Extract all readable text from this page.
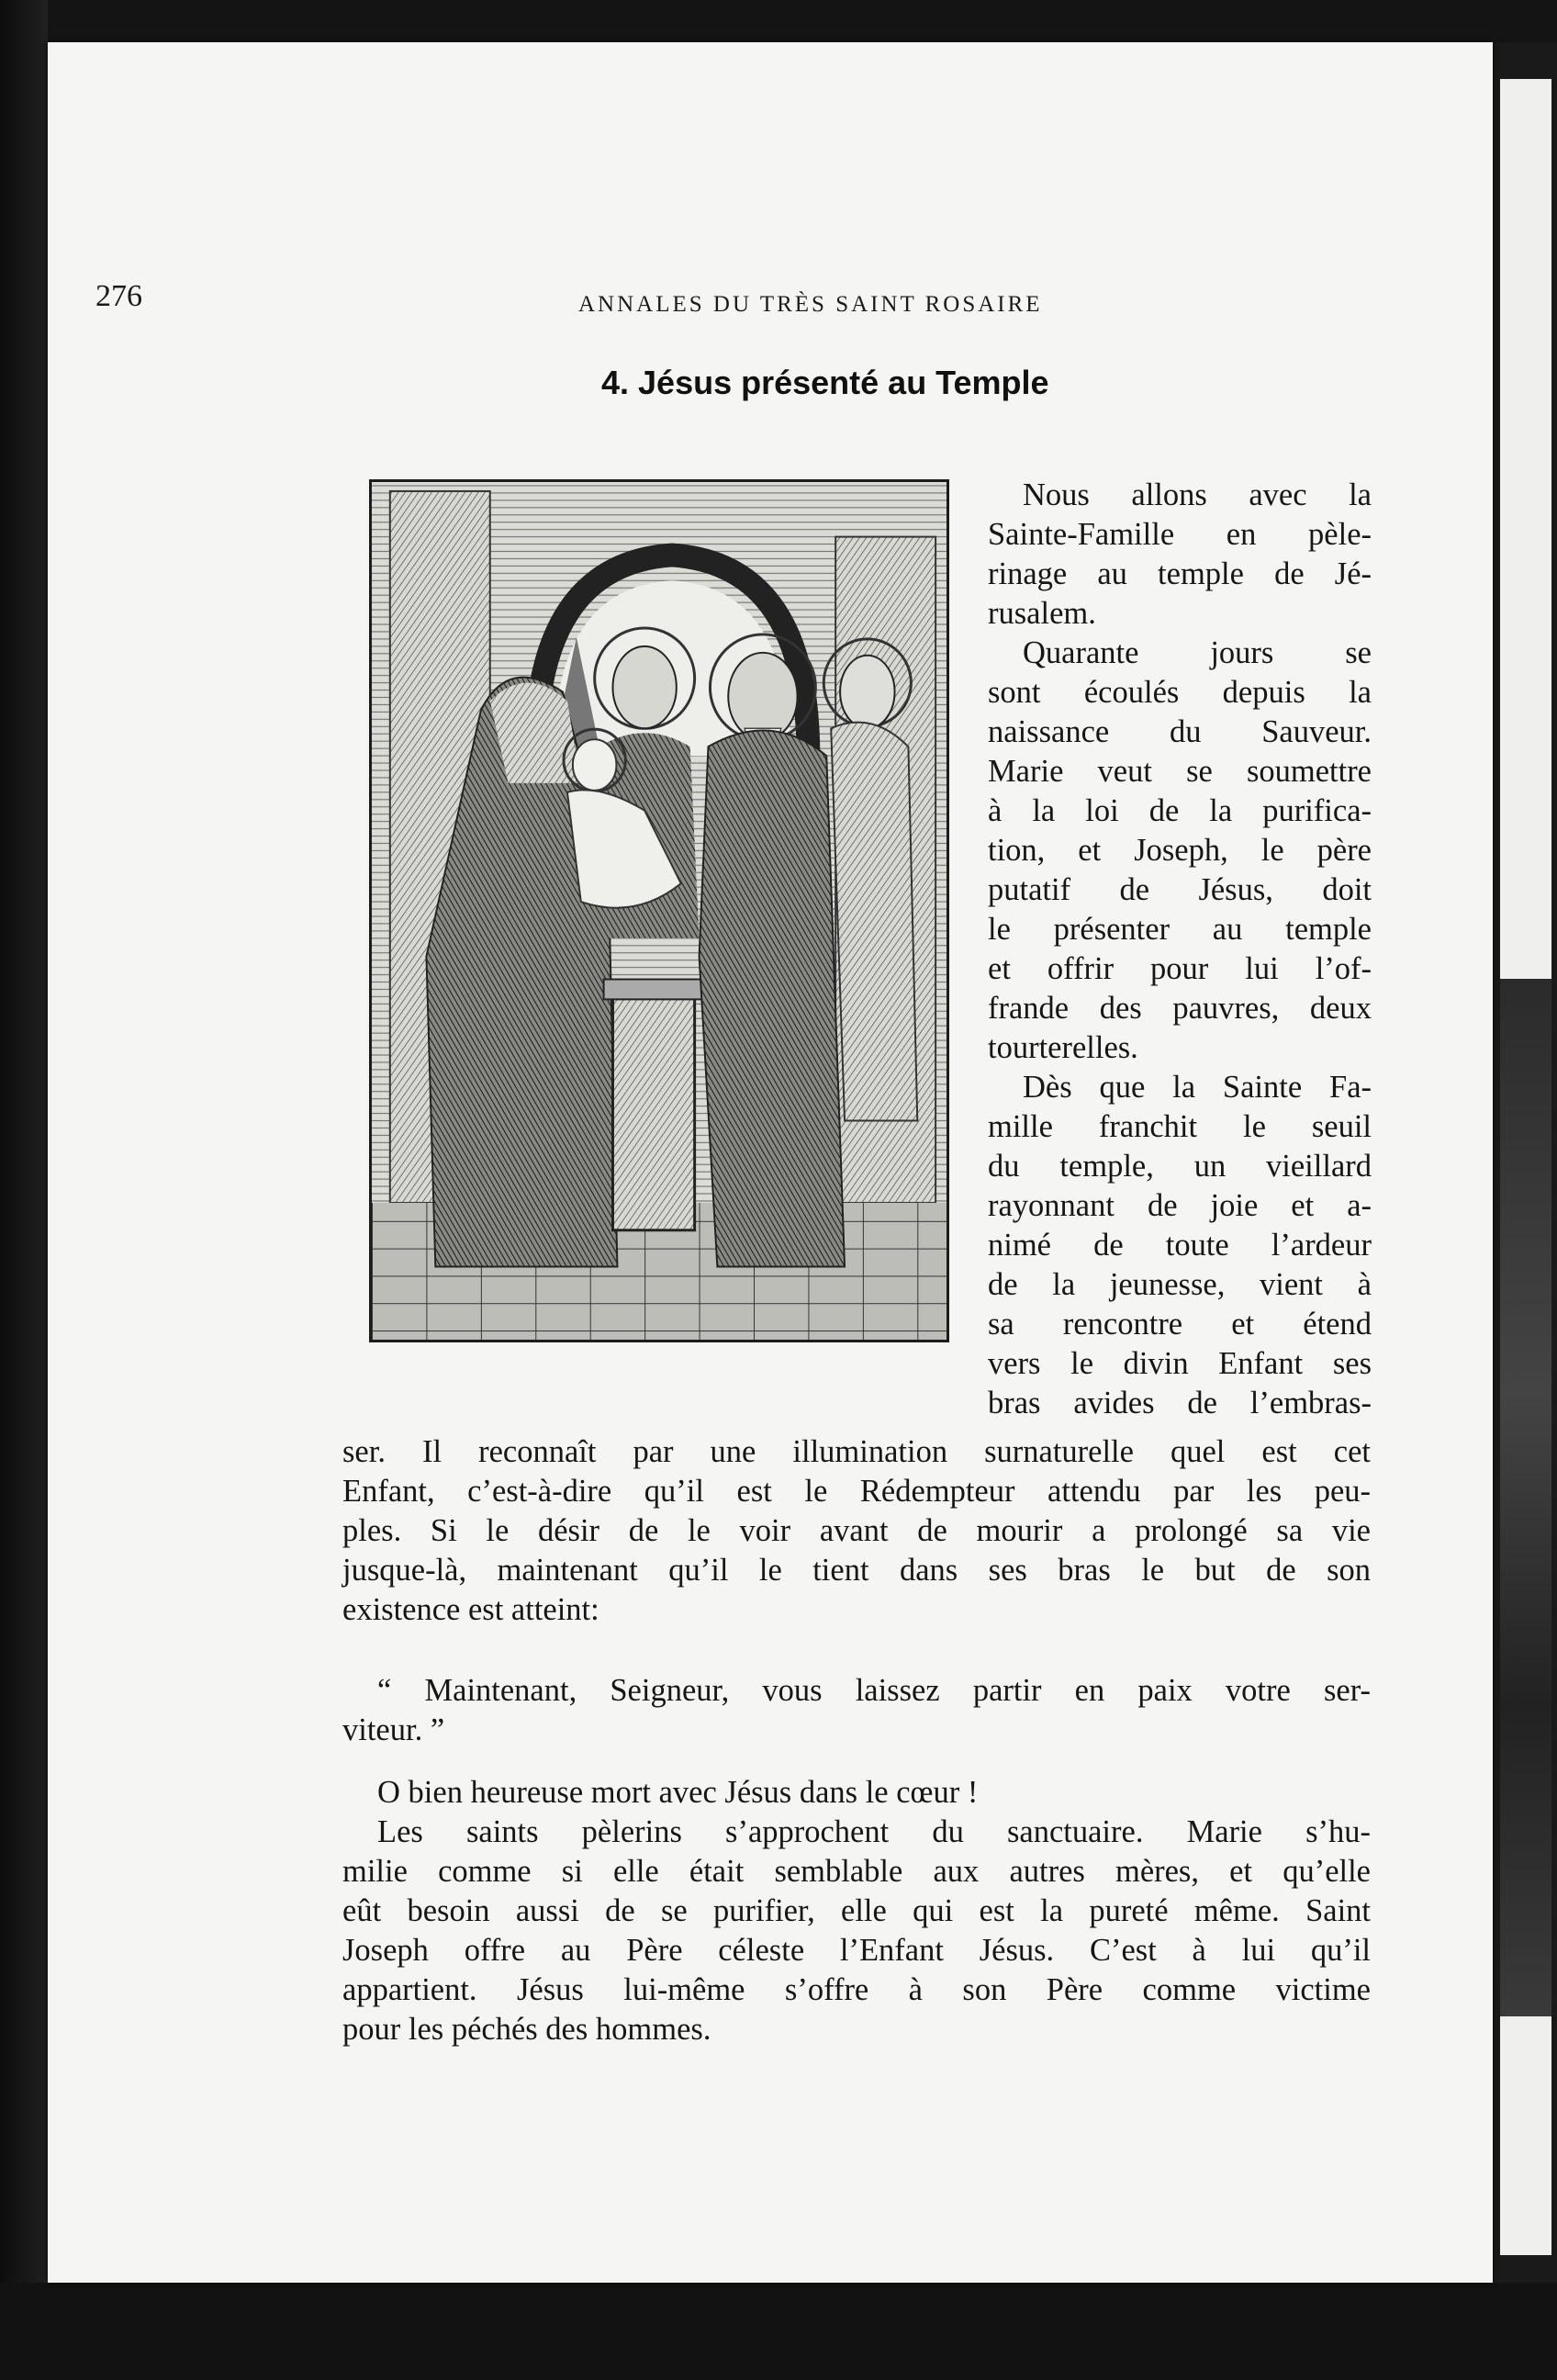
276	ANNALES DU TRÈS SAINT ROSAIRE
4. Jésus présenté au Temple
Nous allons avec la
Sainte-Famille en pèle-
rinage au temple de Jé-
rusalem.
Quarante jours se
sont écoulés depuis la
naissance du Sauveur.
Marie veut se soumettre
à la loi de la purifica-
tion, et Joseph, le père
putatif de Jésus, doit
le présenter au temple
et offrir pour lui l’of-
frande des pauvres, deux
tourterelles.
Dès que la Sainte Fa-
mille franchit le seuil
du temple, un vieillard
rayonnant de joie et a-
nimé de toute l’ardeur
de la jeunesse, vient à
sa rencontre et étend
vers le divin Enfant ses
bras avides de l’embras-
ser. Il reconnaît par une illumination surnaturelle quel est cet
Enfant, c’est-à-dire qu’il est le Rédempteur attendu par les peu-
ples. Si le désir de le voir avant de mourir a prolongé sa vie
jusque-là, maintenant qu’il le tient dans ses bras le but de son
existence est atteint:
“ Maintenant, Seigneur, vous laissez partir en paix votre ser-
viteur. ”
O bien heureuse mort avec Jésus dans le cœur !
Les saints pèlerins s’approchent du sanctuaire. Marie s’hu-
milie comme si elle était semblable aux autres mères, et qu’elle
eût besoin aussi de se purifier, elle qui est la pureté même. Saint
Joseph offre au Père céleste l’Enfant Jésus. C’est à lui qu’il
appartient. Jésus lui-même s’offre à son Père comme victime
pour les péchés des hommes.
